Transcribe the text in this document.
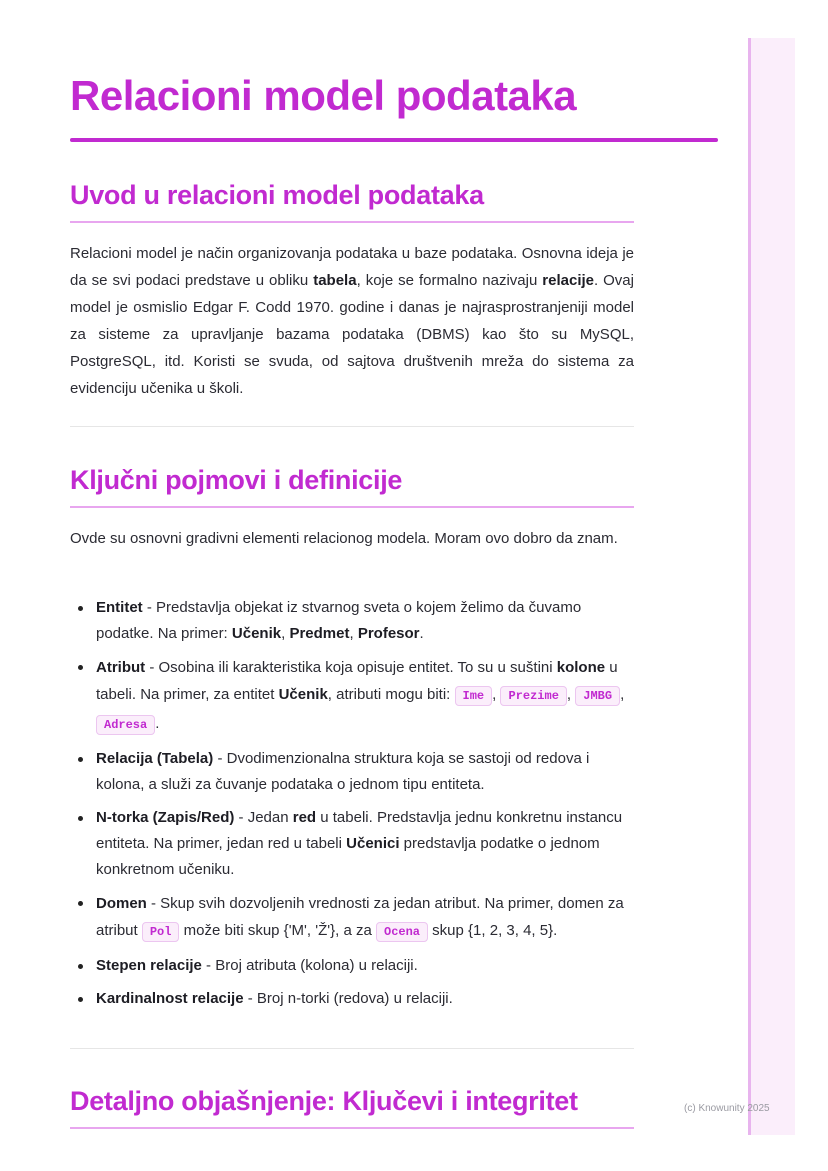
Relacioni model podataka
Uvod u relacioni model podataka

Relacioni model je način organizovanja podataka u baze podataka. Osnovna ideja je da se svi podaci predstave u obliku tabela, koje se formalno nazivaju relacije. Ovaj model je osmislio Edgar F. Codd 1970. godine i danas je najrasprostranjeniji model za sisteme za upravljanje bazama podataka (DBMS) kao što su MySQL, PostgreSQL, itd. Koristi se svuda, od sajtova društvenih mreža do sistema za evidenciju učenika u školi.

Ključni pojmovi i definicije

Ovde su osnovni gradivni elementi relacionog modela. Moram ovo dobro da znam.

Entitet - Predstavlja objekat iz stvarnog sveta o kojem želimo da čuvamo podatke. Na primer: Učenik, Predmet, Profesor.
Atribut - Osobina ili karakteristika koja opisuje entitet. To su u suštini kolone u tabeli. Na primer, za entitet Učenik, atributi mogu biti: Ime , Prezime , JMBG , Adresa .
Relacija (Tabela) - Dvodimenzionalna struktura koja se sastoji od redova i kolona, a služi za čuvanje podataka o jednom tipu entiteta.
N-torka (Zapis/Red) - Jedan red u tabeli. Predstavlja jednu konkretnu instancu entiteta. Na primer, jedan red u tabeli Učenici predstavlja podatke o jednom konkretnom učeniku.
Domen - Skup svih dozvoljenih vrednosti za jedan atribut. Na primer, domen za atribut Pol može biti skup {'M', 'Ž'}, a za Ocena skup {1, 2, 3, 4, 5}.
Stepen relacije - Broj atributa (kolona) u relaciji.
Kardinalnost relacije - Broj n-torki (redova) u relaciji.
Detaljno objašnjenje: Ključevi i integritet	(c) Knowunity 2025
